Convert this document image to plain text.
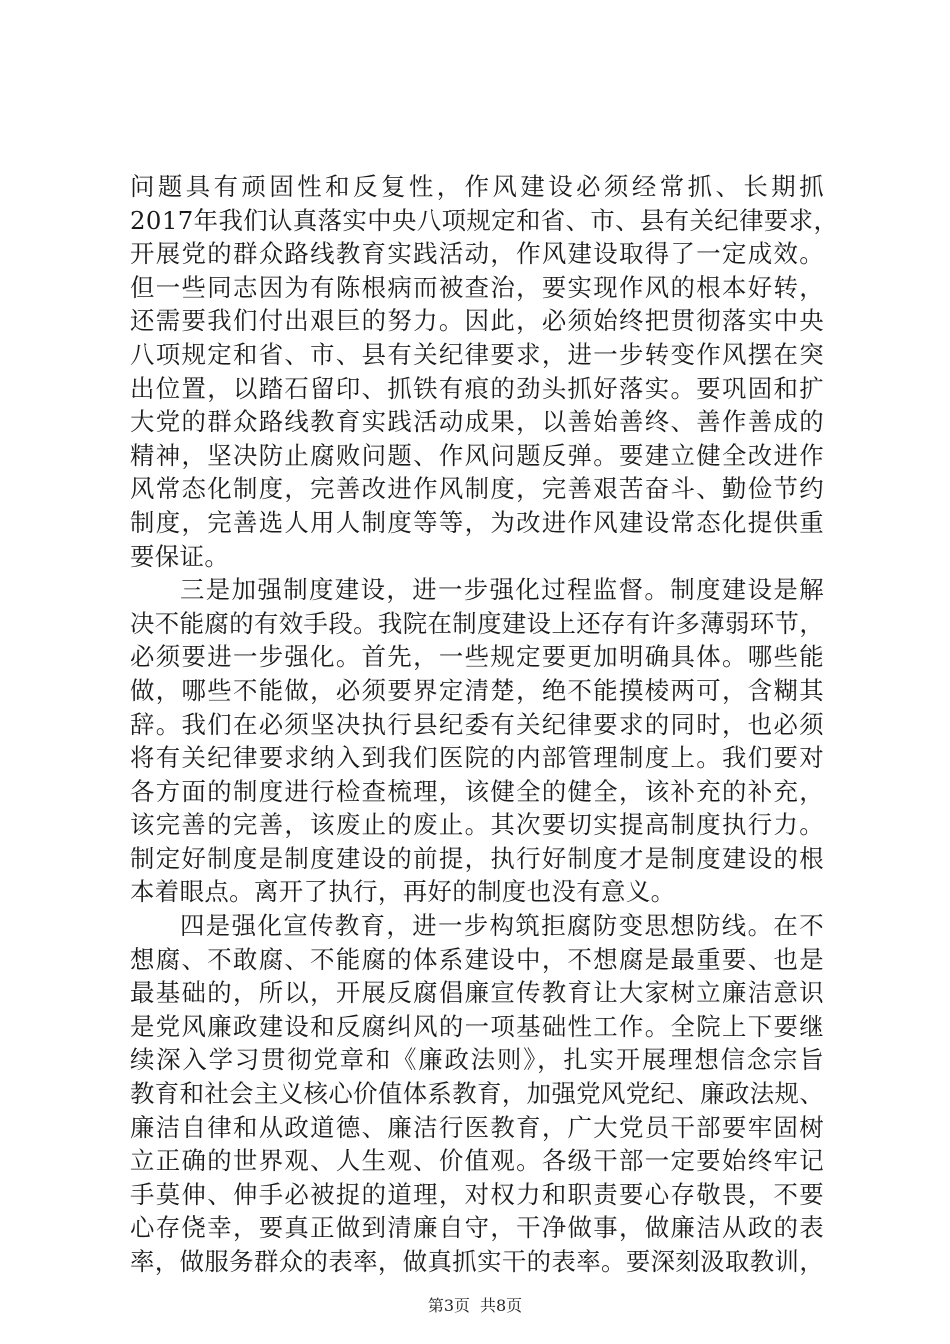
问题具有顽固性和反复性，作风建设必须经常抓、长期抓
2017年我们认真落实中央八项规定和省、市、县有关纪律要求，
开展党的群众路线教育实践活动，作风建设取得了一定成效。
但一些同志因为有陈根病而被查治，要实现作风的根本好转，
还需要我们付出艰巨的努力。因此，必须始终把贯彻落实中央
八项规定和省、市、县有关纪律要求，进一步转变作风摆在突
出位置，以踏石留印、抓铁有痕的劲头抓好落实。要巩固和扩
大党的群众路线教育实践活动成果，以善始善终、善作善成的
精神，坚决防止腐败问题、作风问题反弹。要建立健全改进作
风常态化制度，完善改进作风制度，完善艰苦奋斗、勤俭节约
制度，完善选人用人制度等等，为改进作风建设常态化提供重
要保证。
三是加强制度建设，进一步强化过程监督。制度建设是解
决不能腐的有效手段。我院在制度建设上还存有许多薄弱环节，
必须要进一步强化。首先，一些规定要更加明确具体。哪些能
做，哪些不能做，必须要界定清楚，绝不能摸棱两可，含糊其
辞。我们在必须坚决执行县纪委有关纪律要求的同时，也必须
将有关纪律要求纳入到我们医院的内部管理制度上。我们要对
各方面的制度进行检查梳理，该健全的健全，该补充的补充，
该完善的完善，该废止的废止。其次要切实提高制度执行力。
制定好制度是制度建设的前提，执行好制度才是制度建设的根
本着眼点。离开了执行，再好的制度也没有意义。
四是强化宣传教育，进一步构筑拒腐防变思想防线。在不
想腐、不敢腐、不能腐的体系建设中，不想腐是最重要、也是
最基础的，所以，开展反腐倡廉宣传教育让大家树立廉洁意识
是党风廉政建设和反腐纠风的一项基础性工作。全院上下要继
续深入学习贯彻党章和《廉政法则》，扎实开展理想信念宗旨
教育和社会主义核心价值体系教育，加强党风党纪、廉政法规、
廉洁自律和从政道德、廉洁行医教育，广大党员干部要牢固树
立正确的世界观、人生观、价值观。各级干部一定要始终牢记
手莫伸、伸手必被捉的道理，对权力和职责要心存敬畏，不要
心存侥幸，要真正做到清廉自守，干净做事，做廉洁从政的表
率，做服务群众的表率，做真抓实干的表率。要深刻汲取教训，
第3页 共8页
